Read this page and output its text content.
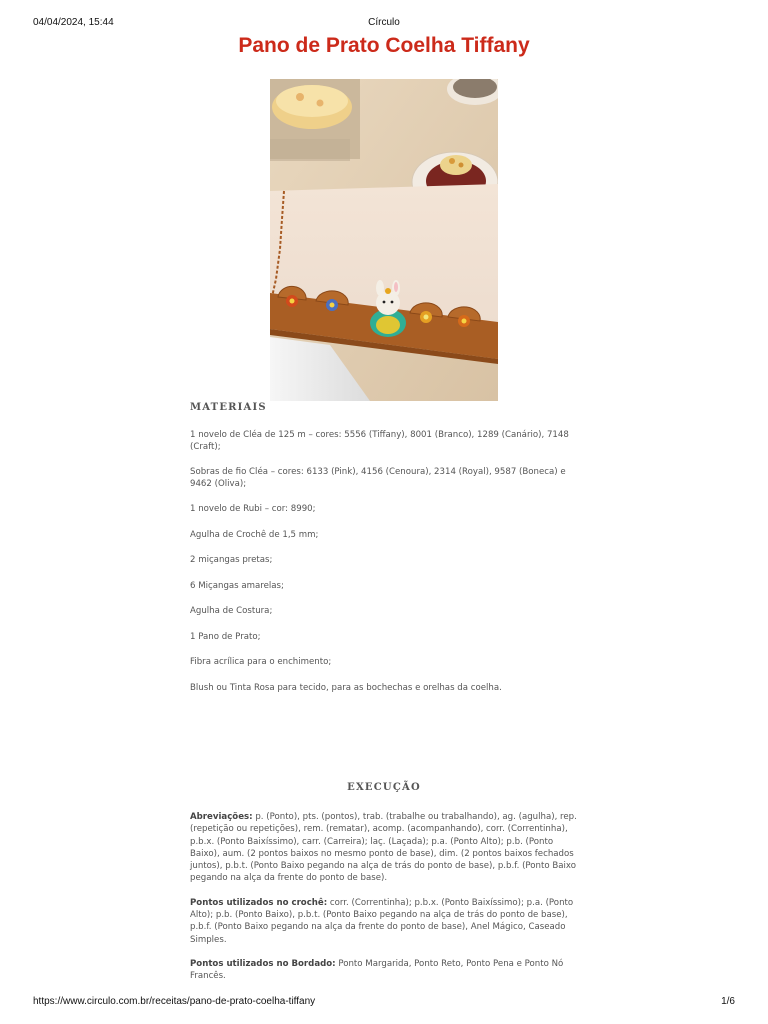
04/04/2024, 15:44	Círculo
Pano de Prato Coelha Tiffany
MATERIAIS

1 novelo de Cléa de 125 m – cores: 5556 (Tiffany), 8001 (Branco), 1289 (Canário), 7148 (Craft);

Sobras de fio Cléa – cores: 6133 (Pink), 4156 (Cenoura), 2314 (Royal), 9587 (Boneca) e 9462 (Oliva);

1 novelo de Rubi – cor: 8990;

Agulha de Crochê de 1,5 mm;

2 miçangas pretas;

6 Miçangas amarelas;

Agulha de Costura;

1 Pano de Prato;

Fibra acrílica para o enchimento;

Blush ou Tinta Rosa para tecido, para as bochechas e orelhas da coelha.

EXECUÇÃO

Abreviações: p. (Ponto), pts. (pontos), trab. (trabalhe ou trabalhando), ag. (agulha), rep. (repetição ou repetições), rem. (rematar), acomp. (acompanhando), corr. (Correntinha), p.b.x. (Ponto Baixíssimo), carr. (Carreira); laç. (Laçada); p.a. (Ponto Alto); p.b. (Ponto Baixo), aum. (2 pontos baixos no mesmo ponto de base), dim. (2 pontos baixos fechados juntos), p.b.t. (Ponto Baixo pegando na alça de trás do ponto de base), p.b.f. (Ponto Baixo pegando na alça da frente do ponto de base).

Pontos utilizados no crochê: corr. (Correntinha); p.b.x. (Ponto Baixíssimo); p.a. (Ponto Alto); p.b. (Ponto Baixo), p.b.t. (Ponto Baixo pegando na alça de trás do ponto de base), p.b.f. (Ponto Baixo pegando na alça da frente do ponto de base), Anel Mágico, Caseado Simples.

Pontos utilizados no Bordado: Ponto Margarida, Ponto Reto, Ponto Pena e Ponto Nó Francês.

https://www.circulo.com.br/receitas/pano-de-prato-coelha-tiffany	1/6
